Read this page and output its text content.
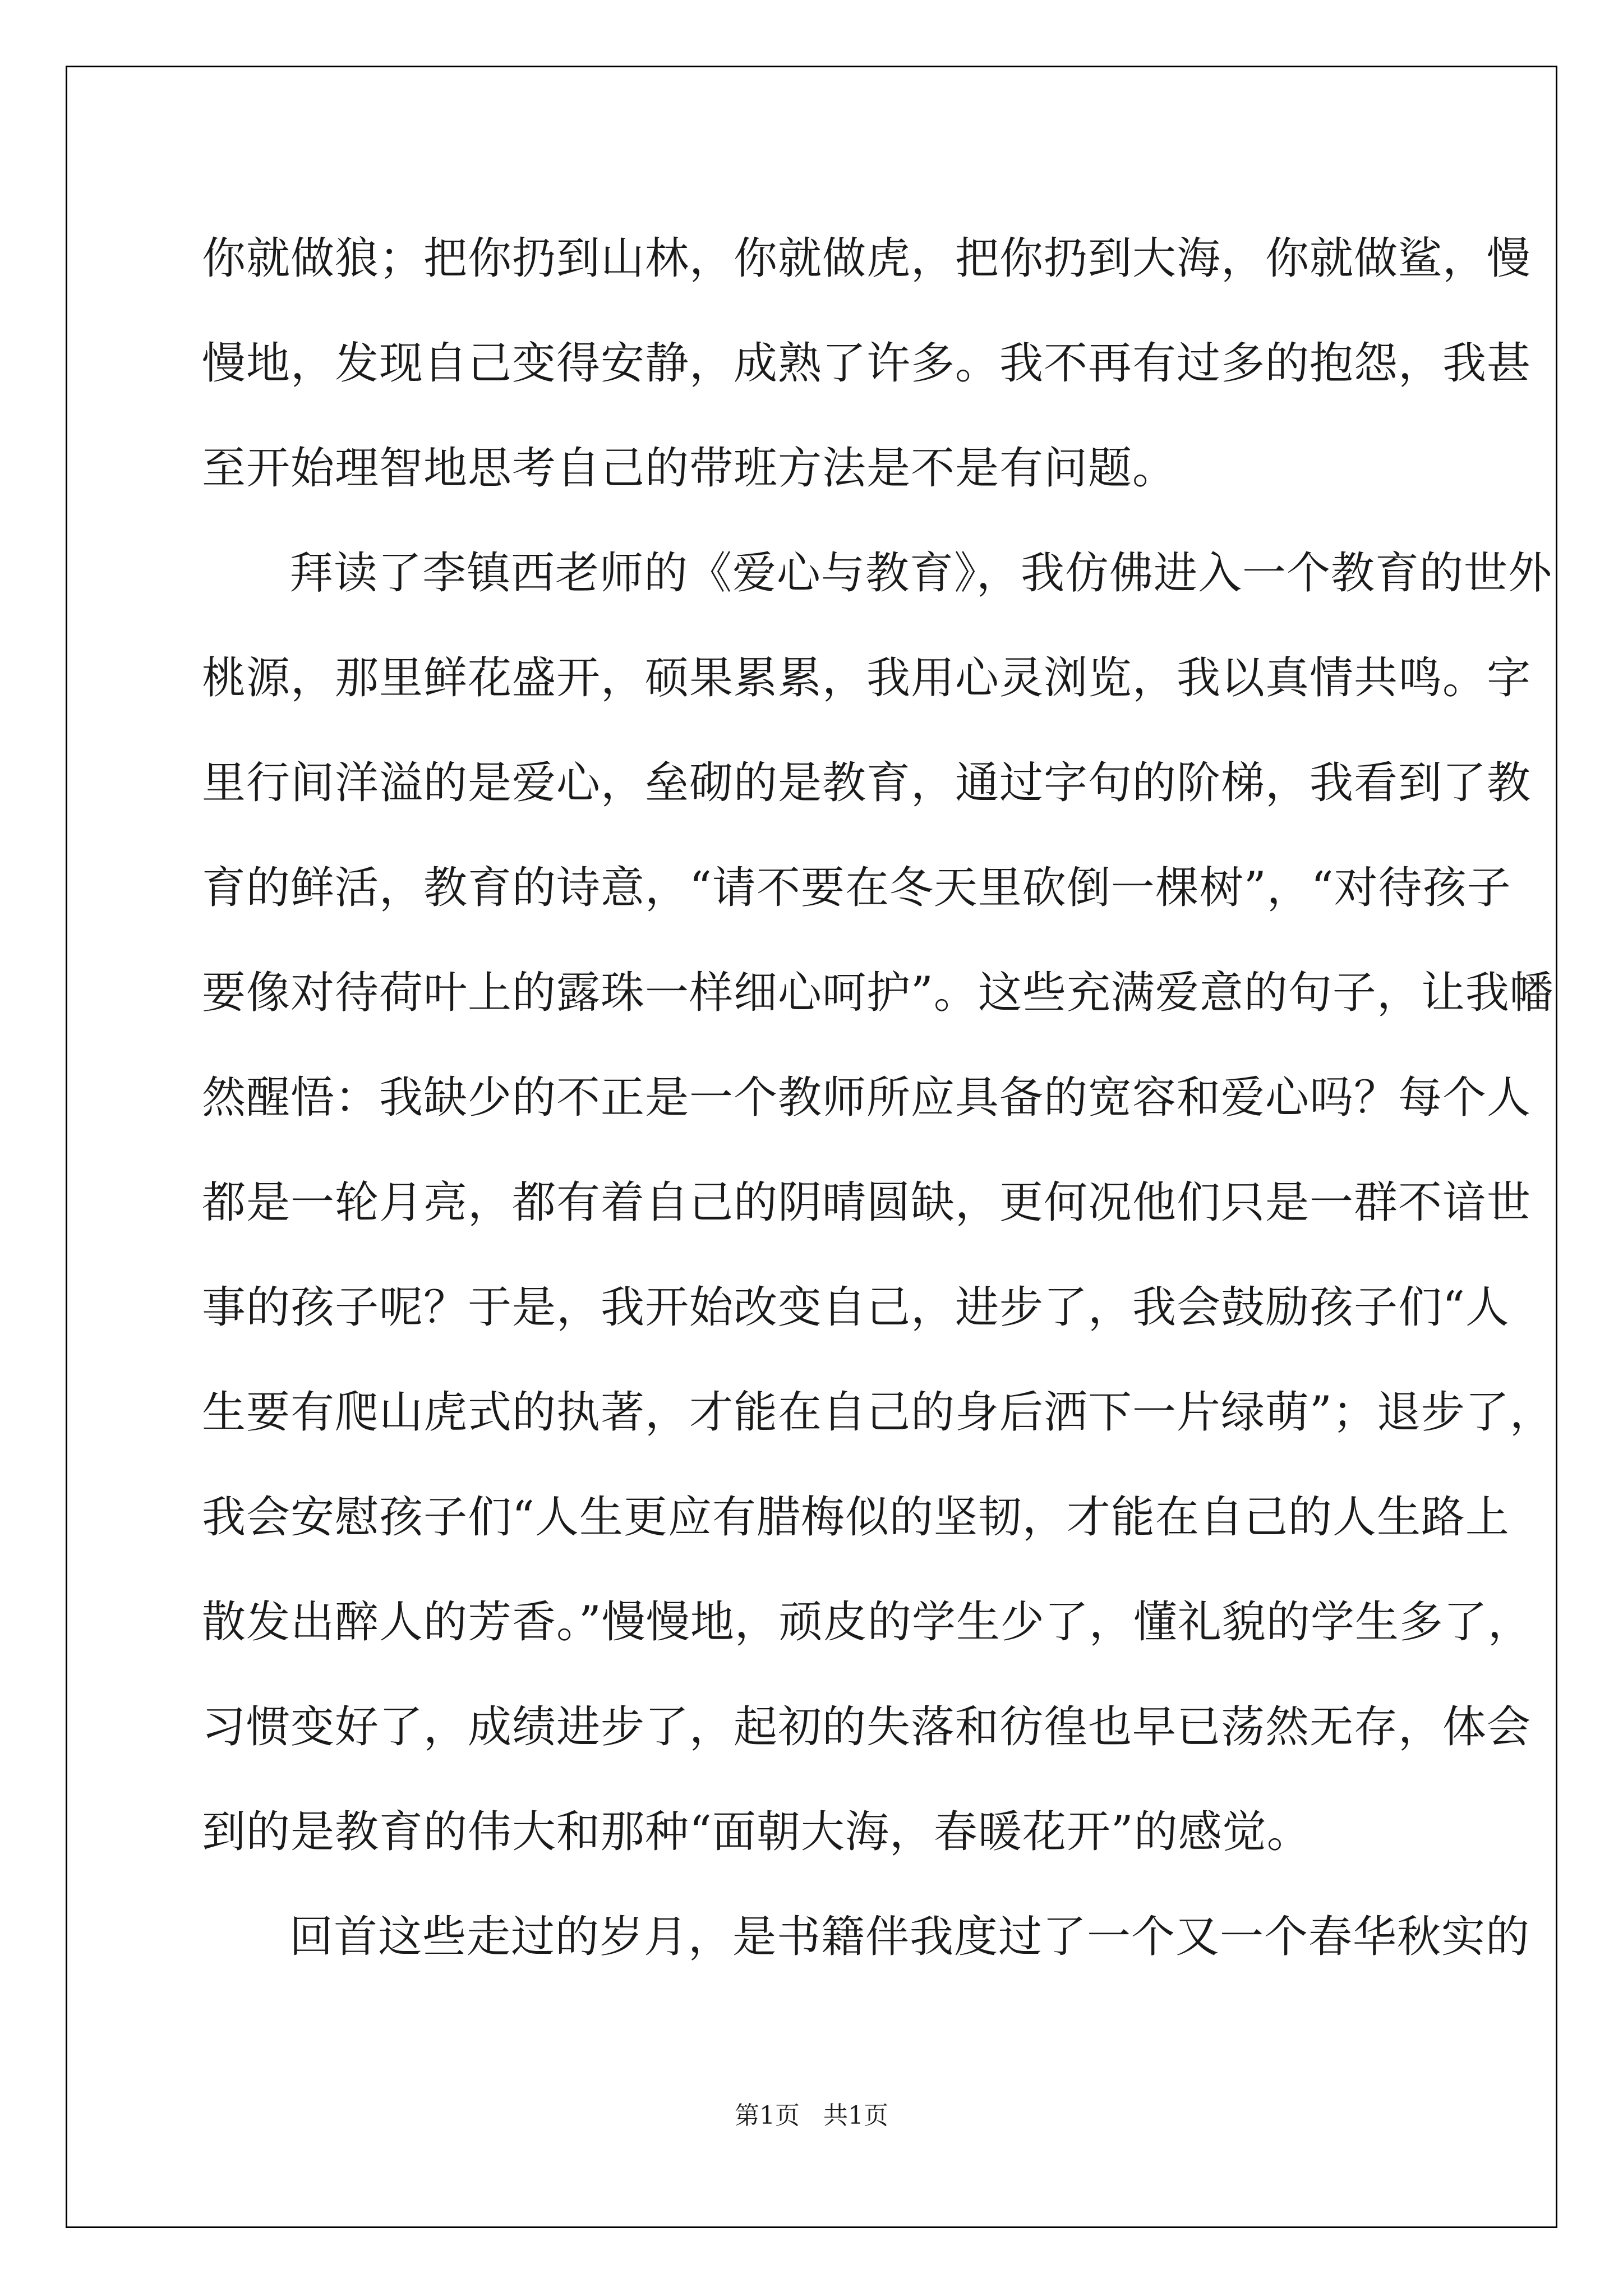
你就做狼；把你扔到山林，你就做虎，把你扔到大海，你就做鲨，慢
慢地，发现自己变得安静，成熟了许多。我不再有过多的抱怨，我甚
至开始理智地思考自己的带班方法是不是有问题。

拜读了李镇西老师的《爱心与教育》，我仿佛进入一个教育的世外
桃源，那里鲜花盛开，硕果累累，我用心灵浏览，我以真情共鸣。字
里行间洋溢的是爱心，垒砌的是教育，通过字句的阶梯，我看到了教
育的鲜活，教育的诗意，“请不要在冬天里砍倒一棵树”，“对待孩子
要像对待荷叶上的露珠一样细心呵护”。这些充满爱意的句子，让我幡
然醒悟：我缺少的不正是一个教师所应具备的宽容和爱心吗？每个人
都是一轮月亮，都有着自己的阴晴圆缺，更何况他们只是一群不谙世
事的孩子呢？于是，我开始改变自己，进步了，我会鼓励孩子们“人
生要有爬山虎式的执著，才能在自己的身后洒下一片绿萌”；退步了，
我会安慰孩子们“人生更应有腊梅似的坚韧，才能在自己的人生路上
散发出醉人的芳香。”慢慢地，顽皮的学生少了，懂礼貌的学生多了，
习惯变好了，成绩进步了，起初的失落和彷徨也早已荡然无存，体会
到的是教育的伟大和那种“面朝大海，春暖花开”的感觉。

回首这些走过的岁月，是书籍伴我度过了一个又一个春华秋实的

第1页 共1页
